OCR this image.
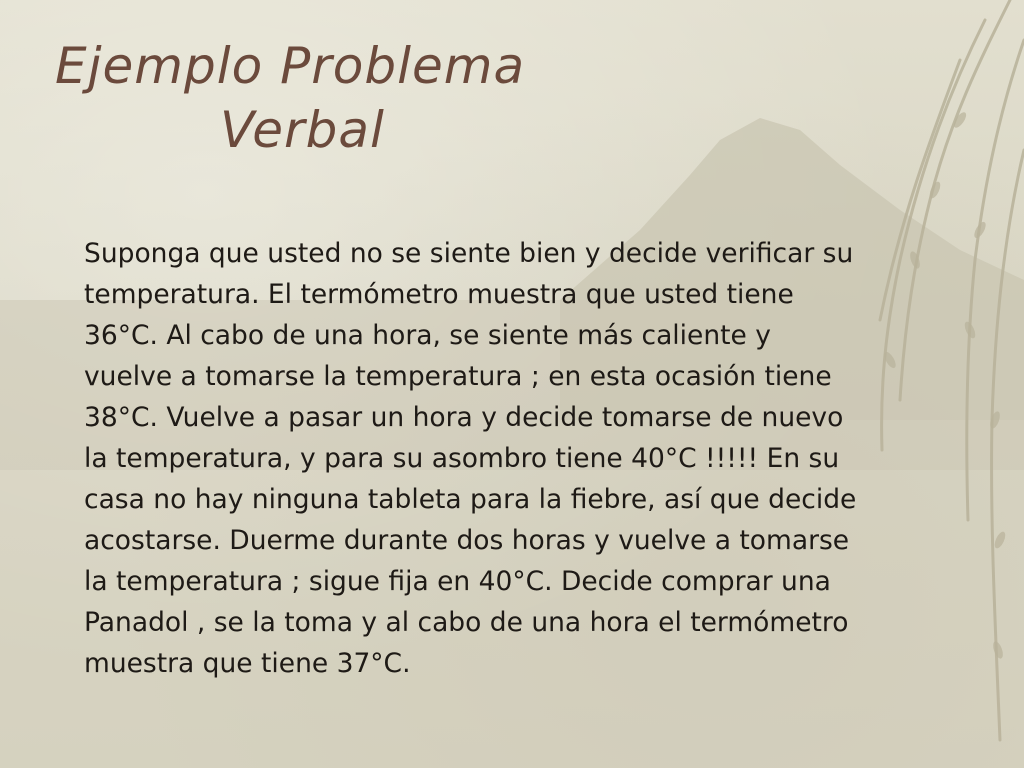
Ejemplo Problema
Verbal
Suponga que usted no se siente bien y decide verificar su
temperatura. El termómetro muestra que usted tiene
36°C. Al cabo de una hora, se siente más caliente y
vuelve a tomarse la temperatura ; en esta ocasión tiene
38°C. Vuelve a pasar un hora y decide tomarse de nuevo
la temperatura, y para su asombro tiene 40°C !!!!! En su
casa no hay ninguna tableta para la fiebre, así que decide
acostarse. Duerme durante dos horas y vuelve a tomarse
la temperatura ; sigue fija en 40°C. Decide comprar una
Panadol , se la toma y al cabo de una hora el termómetro
muestra que tiene 37°C.
